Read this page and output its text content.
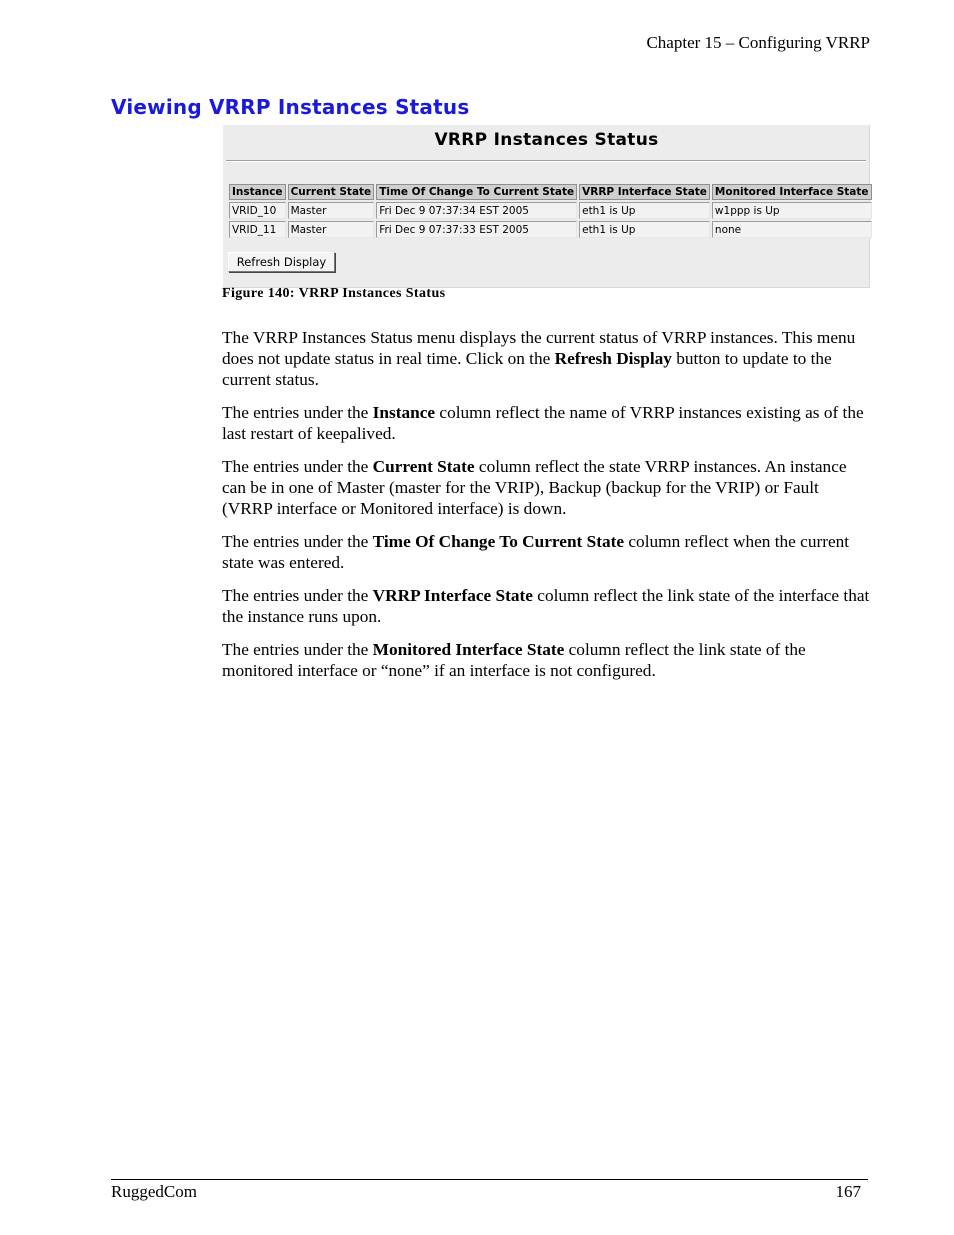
Chapter 15 – Configuring VRRP
Viewing VRRP Instances Status
VRRP Instances Status
Instance	Current State	Time Of Change To Current State	VRRP Interface State	Monitored Interface State
VRID_10	Master	Fri Dec 9 07:37:34 EST 2005	eth1 is Up	w1ppp is Up
VRID_11	Master	Fri Dec 9 07:37:33 EST 2005	eth1 is Up	none
Refresh Display
Figure 140: VRRP Instances Status

The VRRP Instances Status menu displays the current status of VRRP instances. This menu does not update status in real time. Click on the Refresh Display button to update to the current status.

The entries under the Instance column reflect the name of VRRP instances existing as of the last restart of keepalived.

The entries under the Current State column reflect the state VRRP instances. An instance can be in one of Master (master for the VRIP), Backup (backup for the VRIP) or Fault (VRRP interface or Monitored interface) is down.

The entries under the Time Of Change To Current State column reflect when the current state was entered.

The entries under the VRRP Interface State column reflect the link state of the interface that the instance runs upon.

The entries under the Monitored Interface State column reflect the link state of the monitored interface or “none” if an interface is not configured.

RuggedCom	167
